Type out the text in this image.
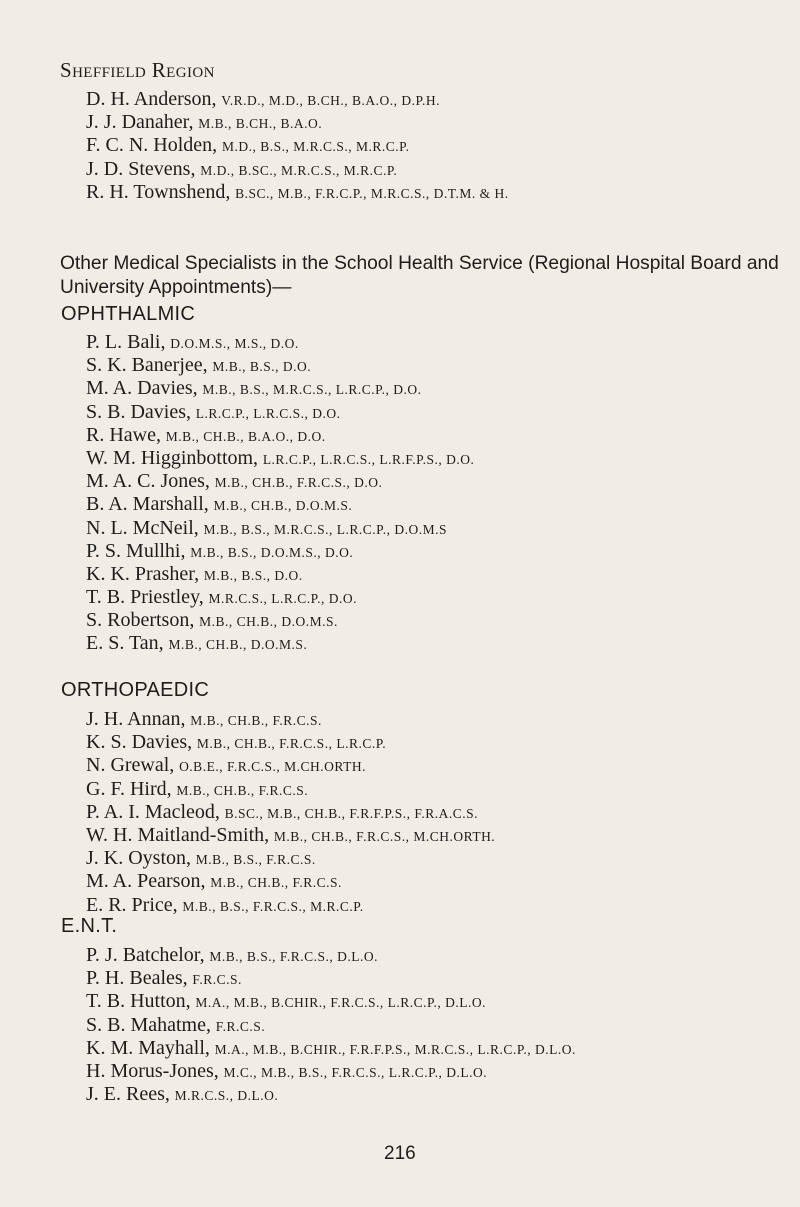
Sheffield Region
D. H. Anderson, V.R.D., M.D., B.CH., B.A.O., D.P.H.
J. J. Danaher, M.B., B.CH., B.A.O.
F. C. N. Holden, M.D., B.S., M.R.C.S., M.R.C.P.
J. D. Stevens, M.D., B.SC., M.R.C.S., M.R.C.P.
R. H. Townshend, B.SC., M.B., F.R.C.P., M.R.C.S., D.T.M. & H.

Other Medical Specialists in the School Health Service (Regional Hospital Board and University Appointments)—

OPHTHALMIC
P. L. Bali, D.O.M.S., M.S., D.O.
S. K. Banerjee, M.B., B.S., D.O.
M. A. Davies, M.B., B.S., M.R.C.S., L.R.C.P., D.O.
S. B. Davies, L.R.C.P., L.R.C.S., D.O.
R. Hawe, M.B., CH.B., B.A.O., D.O.
W. M. Higginbottom, L.R.C.P., L.R.C.S., L.R.F.P.S., D.O.
M. A. C. Jones, M.B., CH.B., F.R.C.S., D.O.
B. A. Marshall, M.B., CH.B., D.O.M.S.
N. L. McNeil, M.B., B.S., M.R.C.S., L.R.C.P., D.O.M.S
P. S. Mullhi, M.B., B.S., D.O.M.S., D.O.
K. K. Prasher, M.B., B.S., D.O.
T. B. Priestley, M.R.C.S., L.R.C.P., D.O.
S. Robertson, M.B., CH.B., D.O.M.S.
E. S. Tan, M.B., CH.B., D.O.M.S.
ORTHOPAEDIC
J. H. Annan, M.B., CH.B., F.R.C.S.
K. S. Davies, M.B., CH.B., F.R.C.S., L.R.C.P.
N. Grewal, O.B.E., F.R.C.S., M.CH.ORTH.
G. F. Hird, M.B., CH.B., F.R.C.S.
P. A. I. Macleod, B.SC., M.B., CH.B., F.R.F.P.S., F.R.A.C.S.
W. H. Maitland-Smith, M.B., CH.B., F.R.C.S., M.CH.ORTH.
J. K. Oyston, M.B., B.S., F.R.C.S.
M. A. Pearson, M.B., CH.B., F.R.C.S.
E. R. Price, M.B., B.S., F.R.C.S., M.R.C.P.
E.N.T.
P. J. Batchelor, M.B., B.S., F.R.C.S., D.L.O.
P. H. Beales, F.R.C.S.
T. B. Hutton, M.A., M.B., B.CHIR., F.R.C.S., L.R.C.P., D.L.O.
S. B. Mahatme, F.R.C.S.
K. M. Mayhall, M.A., M.B., B.CHIR., F.R.F.P.S., M.R.C.S., L.R.C.P., D.L.O.
H. Morus-Jones, M.C., M.B., B.S., F.R.C.S., L.R.C.P., D.L.O.
J. E. Rees, M.R.C.S., D.L.O.
216
